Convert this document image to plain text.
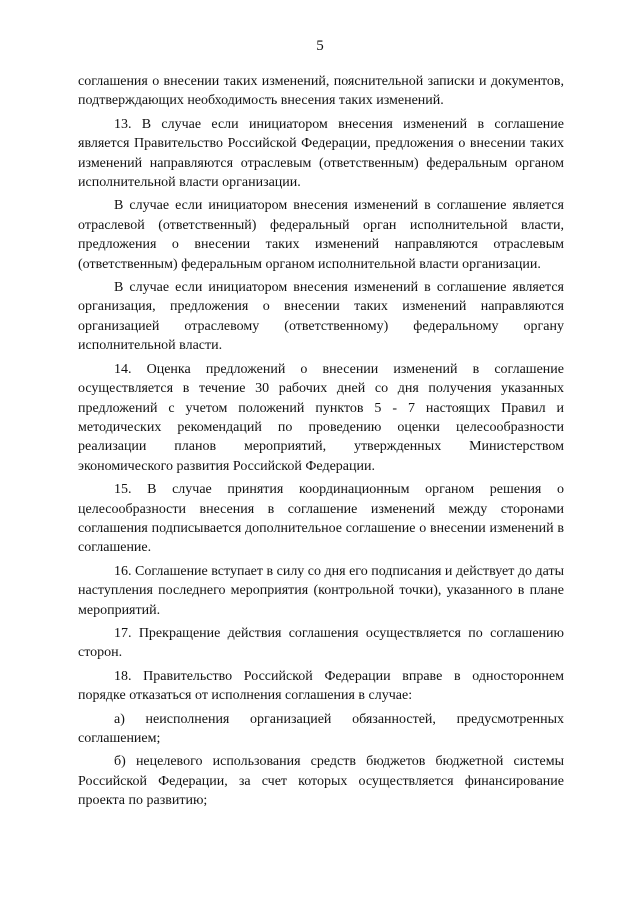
5

соглашения о внесении таких изменений, пояснительной записки и документов, подтверждающих необходимость внесения таких изменений.

13. В случае если инициатором внесения изменений в соглашение является Правительство Российской Федерации, предложения о внесении таких изменений направляются отраслевым (ответственным) федеральным органом исполнительной власти организации.

В случае если инициатором внесения изменений в соглашение является отраслевой (ответственный) федеральный орган исполнительной власти, предложения о внесении таких изменений направляются отраслевым (ответственным) федеральным органом исполнительной власти организации.

В случае если инициатором внесения изменений в соглашение является организация, предложения о внесении таких изменений направляются организацией отраслевому (ответственному) федеральному органу исполнительной власти.

14. Оценка предложений о внесении изменений в соглашение осуществляется в течение 30 рабочих дней со дня получения указанных предложений с учетом положений пунктов 5 - 7 настоящих Правил и методических рекомендаций по проведению оценки целесообразности реализации планов мероприятий, утвержденных Министерством экономического развития Российской Федерации.

15. В случае принятия координационным органом решения о целесообразности внесения в соглашение изменений между сторонами соглашения подписывается дополнительное соглашение о внесении изменений в соглашение.

16. Соглашение вступает в силу со дня его подписания и действует до даты наступления последнего мероприятия (контрольной точки), указанного в плане мероприятий.

17. Прекращение действия соглашения осуществляется по соглашению сторон.

18. Правительство Российской Федерации вправе в одностороннем порядке отказаться от исполнения соглашения в случае:

а) неисполнения организацией обязанностей, предусмотренных соглашением;

б) нецелевого использования средств бюджетов бюджетной системы Российской Федерации, за счет которых осуществляется финансирование проекта по развитию;
